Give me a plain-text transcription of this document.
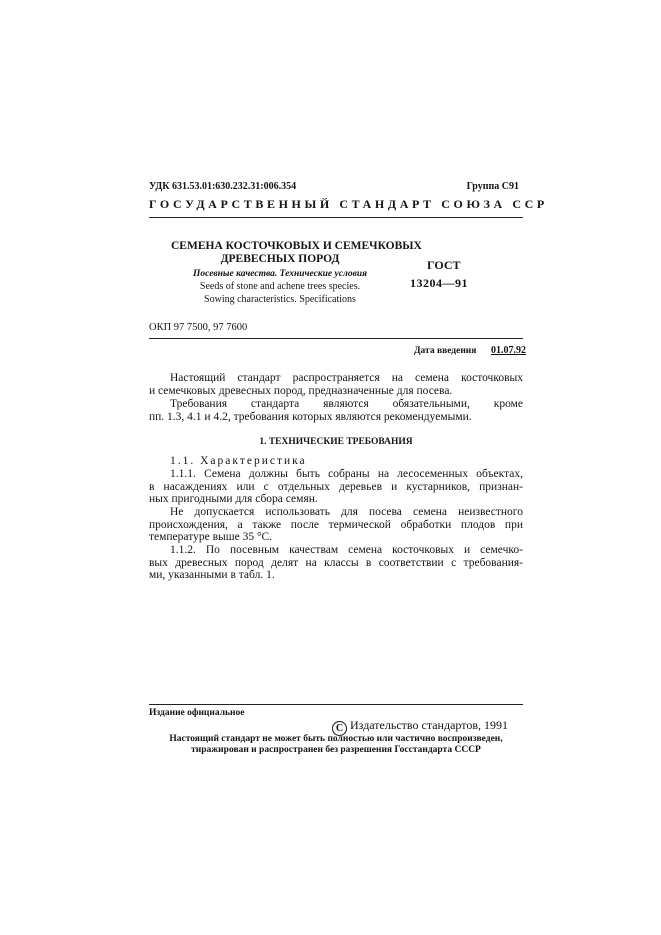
УДК 631.53.01:630.232.31:006.354	Группа С91
ГОСУДАРСТВЕННЫЙ СТАНДАРТ СОЮЗА ССР
СЕМЕНА КОСТОЧКОВЫХ И СЕМЕЧКОВЫХ
ДРЕВЕСНЫХ ПОРОД
Посевные качества. Технические условия
Seeds of stone and achene trees species.
Sowing characteristics. Specifications
ГОСТ
13204—91
ОКП 97 7500, 97 7600
Дата введения 01.07.92
Настоящий стандарт распространяется на семена косточковых
и семечковых древесных пород, предназначенные для посева.
Требования стандарта являются обязательными, кроме
пп. 1.3, 4.1 и 4.2, требования которых являются рекомендуемыми.
1. ТЕХНИЧЕСКИЕ ТРЕБОВАНИЯ
1.1. Характеристика
1.1.1. Семена должны быть собраны на лесосеменных объектах,
в насаждениях или с отдельных деревьев и кустарников, признан-
ных пригодными для сбора семян.
Не допускается использовать для посева семена неизвестного
происхождения, а также после термической обработки плодов при
температуре выше 35 °С.
1.1.2. По посевным качествам семена косточковых и семечко-
вых древесных пород делят на классы в соответствии с требования-
ми, указанными в табл. 1.
Издание официальное
C Издательство стандартов, 1991
Настоящий стандарт не может быть полностью или частично воспроизведен,
тиражирован и распространен без разрешения Госстандарта СССР
